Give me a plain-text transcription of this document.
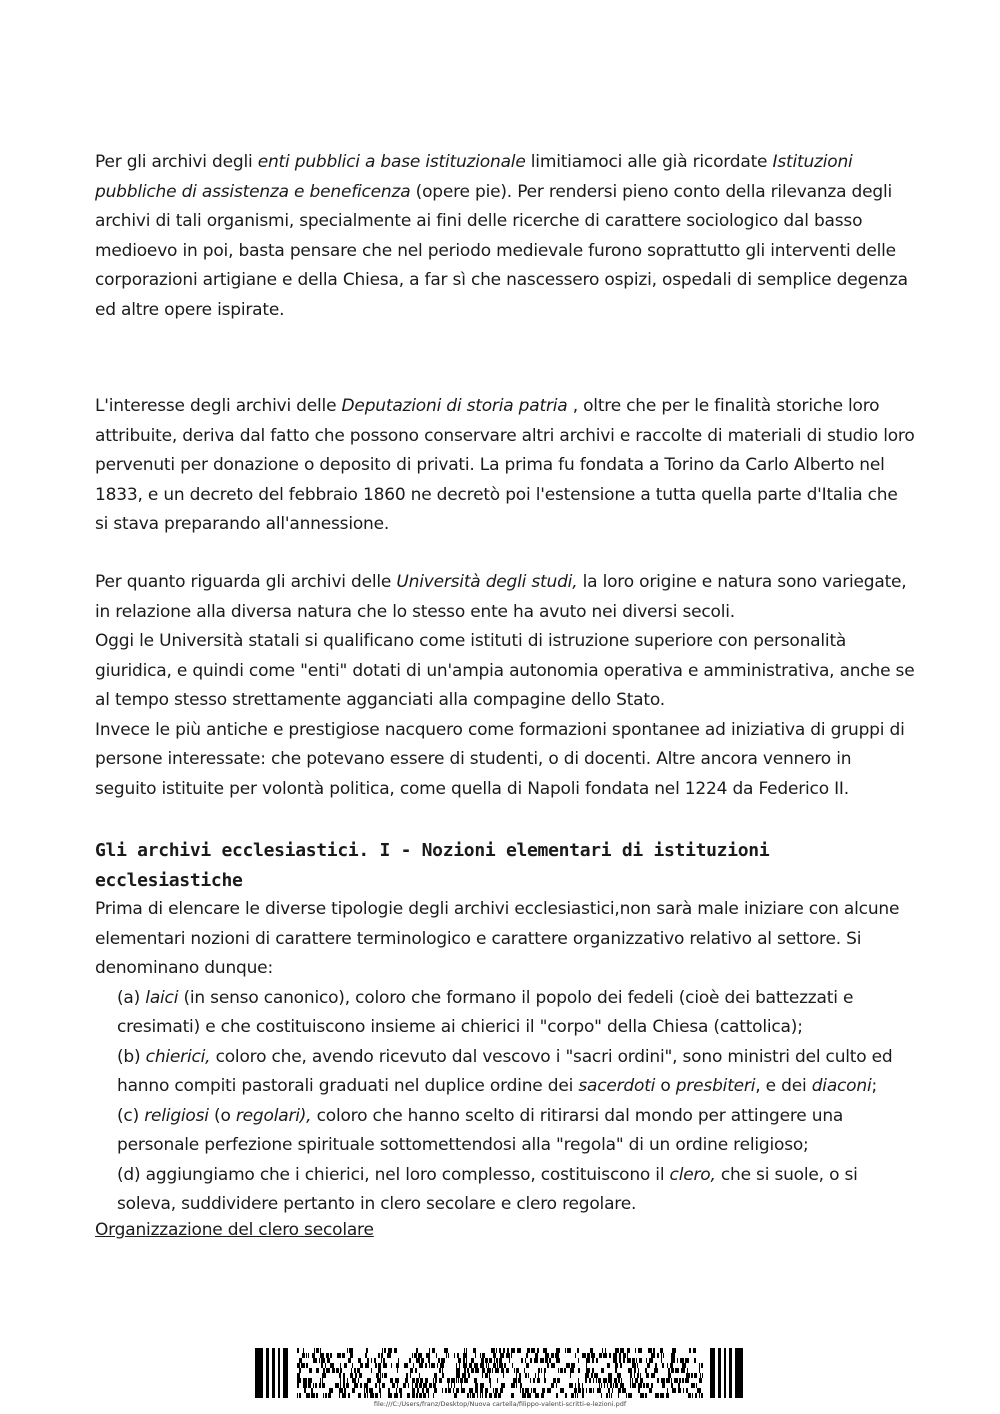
Per gli archivi degli enti pubblici a base istituzionale limitiamoci alle già ricordate Istituzioni pubbliche di assistenza e beneficenza (opere pie). Per rendersi pieno conto della rilevanza degli archivi di tali organismi, specialmente ai fini delle ricerche di carattere sociologico dal basso medioevo in poi, basta pensare che nel periodo medievale furono soprattutto gli interventi delle corporazioni artigiane e della Chiesa, a far sì che nascessero ospizi, ospedali di semplice degenza ed altre opere ispirate.

L'interesse degli archivi delle Deputazioni di storia patria , oltre che per le finalità storiche loro attribuite, deriva dal fatto che possono conservare altri archivi e raccolte di materiali di studio loro pervenuti per donazione o deposito di privati. La prima fu fondata a Torino da Carlo Alberto nel 1833, e un decreto del febbraio 1860 ne decretò poi l'estensione a tutta quella parte d'Italia che si stava preparando all'annessione.

Per quanto riguarda gli archivi delle Università degli studi, la loro origine e natura sono variegate, in relazione alla diversa natura che lo stesso ente ha avuto nei diversi secoli.

Oggi le Università statali si qualificano come istituti di istruzione superiore con personalità giuridica, e quindi come "enti" dotati di un'ampia autonomia operativa e amministrativa, anche se al tempo stesso strettamente agganciati alla compagine dello Stato.

Invece le più antiche e prestigiose nacquero come formazioni spontanee ad iniziativa di gruppi di persone interessate: che potevano essere di studenti, o di docenti. Altre ancora vennero in seguito istituite per volontà politica, come quella di Napoli fondata nel 1224 da Federico II.

Gli archivi ecclesiastici. I - Nozioni elementari di istituzioni ecclesiastiche

Prima di elencare le diverse tipologie degli archivi ecclesiastici,non sarà male iniziare con alcune elementari nozioni di carattere terminologico e carattere organizzativo relativo al settore. Si denominano dunque:

(a) laici (in senso canonico), coloro che formano il popolo dei fedeli (cioè dei battezzati e cresimati) e che costituiscono insieme ai chierici il "corpo" della Chiesa (cattolica);

(b) chierici, coloro che, avendo ricevuto dal vescovo i "sacri ordini", sono ministri del culto ed hanno compiti pastorali graduati nel duplice ordine dei sacerdoti o presbiteri, e dei diaconi;

(c) religiosi (o regolari), coloro che hanno scelto di ritirarsi dal mondo per attingere una personale perfezione spirituale sottomettendosi alla "regola" di un ordine religioso;

(d) aggiungiamo che i chierici, nel loro complesso, costituiscono il clero, che si suole, o si soleva, suddividere pertanto in clero secolare e clero regolare.

Organizzazione del clero secolare

file:///C:/Users/franz/Desktop/Nuova cartella/filippo-valenti-scritti-e-lezioni.pdf
